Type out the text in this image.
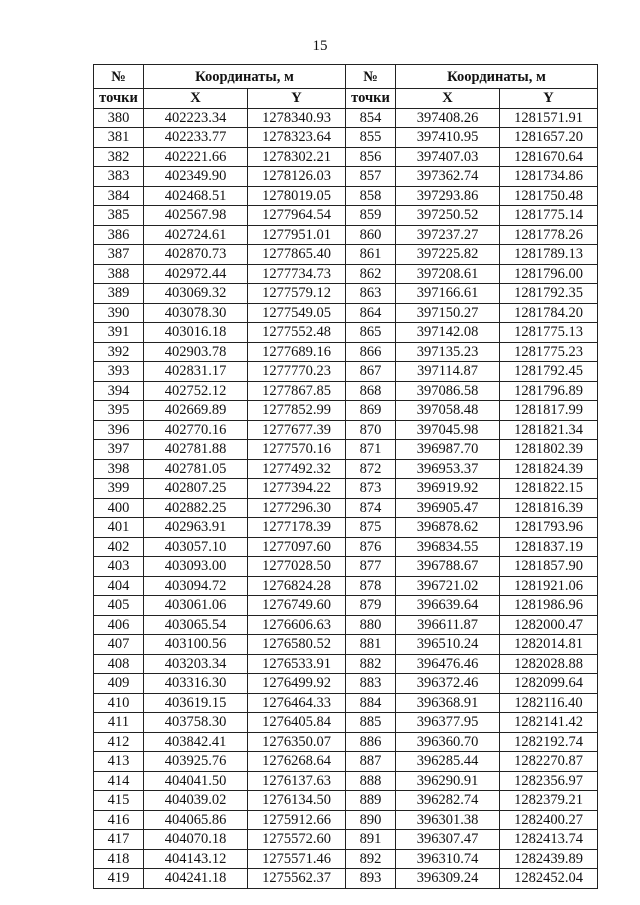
15
№	Координаты, м		№	Координаты, м	
точки	X	Y	точки	X	Y
380	402223.34	1278340.93	854	397408.26	1281571.91
381	402233.77	1278323.64	855	397410.95	1281657.20
382	402221.66	1278302.21	856	397407.03	1281670.64
383	402349.90	1278126.03	857	397362.74	1281734.86
384	402468.51	1278019.05	858	397293.86	1281750.48
385	402567.98	1277964.54	859	397250.52	1281775.14
386	402724.61	1277951.01	860	397237.27	1281778.26
387	402870.73	1277865.40	861	397225.82	1281789.13
388	402972.44	1277734.73	862	397208.61	1281796.00
389	403069.32	1277579.12	863	397166.61	1281792.35
390	403078.30	1277549.05	864	397150.27	1281784.20
391	403016.18	1277552.48	865	397142.08	1281775.13
392	402903.78	1277689.16	866	397135.23	1281775.23
393	402831.17	1277770.23	867	397114.87	1281792.45
394	402752.12	1277867.85	868	397086.58	1281796.89
395	402669.89	1277852.99	869	397058.48	1281817.99
396	402770.16	1277677.39	870	397045.98	1281821.34
397	402781.88	1277570.16	871	396987.70	1281802.39
398	402781.05	1277492.32	872	396953.37	1281824.39
399	402807.25	1277394.22	873	396919.92	1281822.15
400	402882.25	1277296.30	874	396905.47	1281816.39
401	402963.91	1277178.39	875	396878.62	1281793.96
402	403057.10	1277097.60	876	396834.55	1281837.19
403	403093.00	1277028.50	877	396788.67	1281857.90
404	403094.72	1276824.28	878	396721.02	1281921.06
405	403061.06	1276749.60	879	396639.64	1281986.96
406	403065.54	1276606.63	880	396611.87	1282000.47
407	403100.56	1276580.52	881	396510.24	1282014.81
408	403203.34	1276533.91	882	396476.46	1282028.88
409	403316.30	1276499.92	883	396372.46	1282099.64
410	403619.15	1276464.33	884	396368.91	1282116.40
411	403758.30	1276405.84	885	396377.95	1282141.42
412	403842.41	1276350.07	886	396360.70	1282192.74
413	403925.76	1276268.64	887	396285.44	1282270.87
414	404041.50	1276137.63	888	396290.91	1282356.97
415	404039.02	1276134.50	889	396282.74	1282379.21
416	404065.86	1275912.66	890	396301.38	1282400.27
417	404070.18	1275572.60	891	396307.47	1282413.74
418	404143.12	1275571.46	892	396310.74	1282439.89
419	404241.18	1275562.37	893	396309.24	1282452.04
